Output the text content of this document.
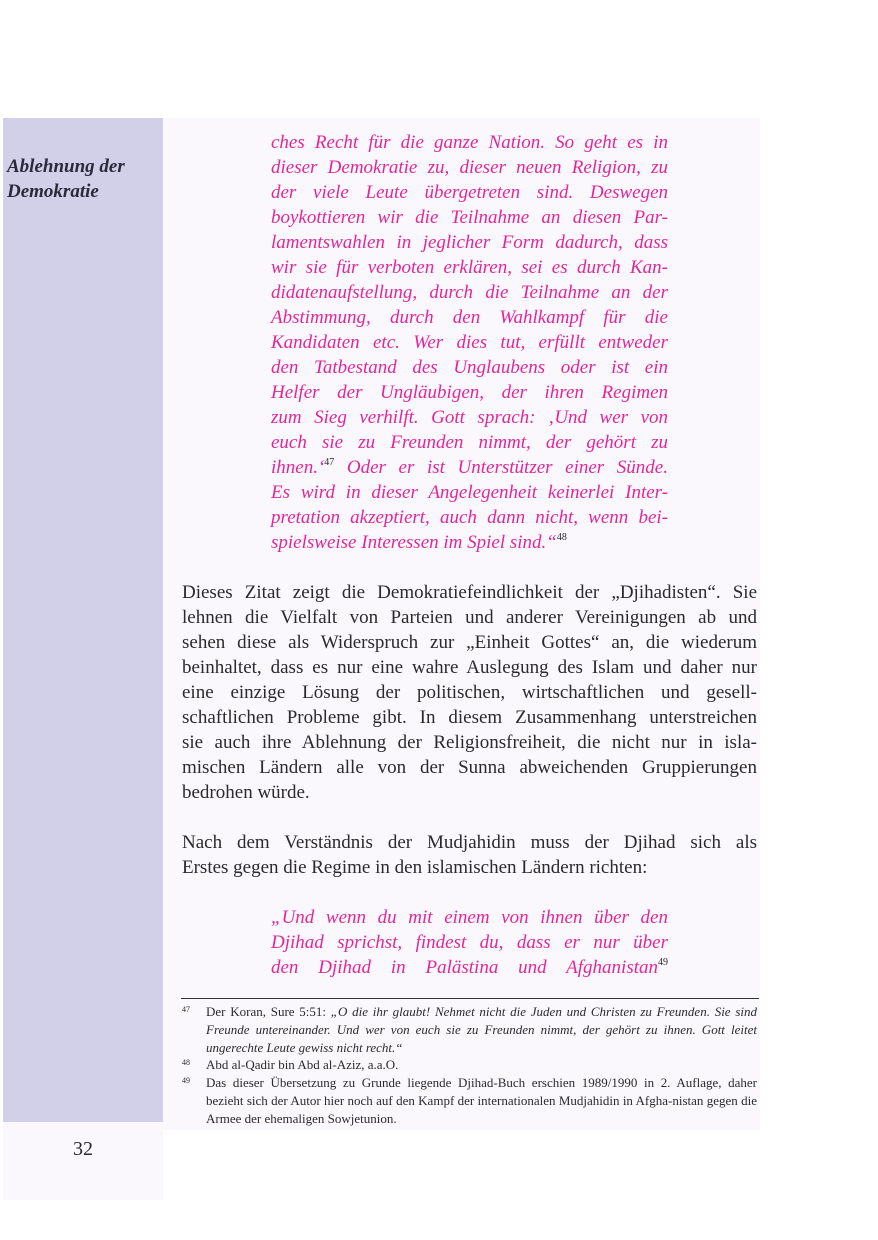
Ablehnung der
Demokratie
32
ches Recht für die ganze Nation. So geht es in
dieser Demokratie zu, dieser neuen Religion, zu
der viele Leute übergetreten sind. Deswegen
boykottieren wir die Teilnahme an diesen Par-
lamentswahlen in jeglicher Form dadurch, dass
wir sie für verboten erklären, sei es durch Kan-
didatenaufstellung, durch die Teilnahme an der
Abstimmung, durch den Wahlkampf für die
Kandidaten etc. Wer dies tut, erfüllt entweder
den Tatbestand des Unglaubens oder ist ein
Helfer der Ungläubigen, der ihren Regimen
zum Sieg verhilft. Gott sprach: ‚Und wer von
euch sie zu Freunden nimmt, der gehört zu
ihnen.‘$^{47}$ Oder er ist Unterstützer einer Sünde.
Es wird in dieser Angelegenheit keinerlei Inter-
pretation akzeptiert, auch dann nicht, wenn bei-
spielsweise Interessen im Spiel sind.“$^{48}$
Dieses Zitat zeigt die Demokratiefeindlichkeit der „Djihadisten“. Sie
lehnen die Vielfalt von Parteien und anderer Vereinigungen ab und
sehen diese als Widerspruch zur „Einheit Gottes“ an, die wiederum
beinhaltet, dass es nur eine wahre Auslegung des Islam und daher nur
eine einzige Lösung der politischen, wirtschaftlichen und gesell-
schaftlichen Probleme gibt. In diesem Zusammenhang unterstreichen
sie auch ihre Ablehnung der Religionsfreiheit, die nicht nur in isla-
mischen Ländern alle von der Sunna abweichenden Gruppierungen
bedrohen würde.
Nach dem Verständnis der Mudjahidin muss der Djihad sich als
Erstes gegen die Regime in den islamischen Ländern richten:
„Und wenn du mit einem von ihnen über den
Djihad sprichst, findest du, dass er nur über
den Djihad in Palästina und Afghanistan$^{49}$
47 Der Koran, Sure 5:51: „O die ihr glaubt! Nehmet nicht die Juden und Christen zu Freunden. Sie sind Freunde untereinander. Und wer von euch sie zu Freunden nimmt, der gehört zu ihnen. Gott leitet ungerechte Leute gewiss nicht recht.“
48 Abd al-Qadir bin Abd al-Aziz, a.a.O.
49 Das dieser Übersetzung zu Grunde liegende Djihad-Buch erschien 1989/1990 in 2. Auflage, daher bezieht sich der Autor hier noch auf den Kampf der internationalen Mudjahidin in Afgha-nistan gegen die Armee der ehemaligen Sowjetunion.
